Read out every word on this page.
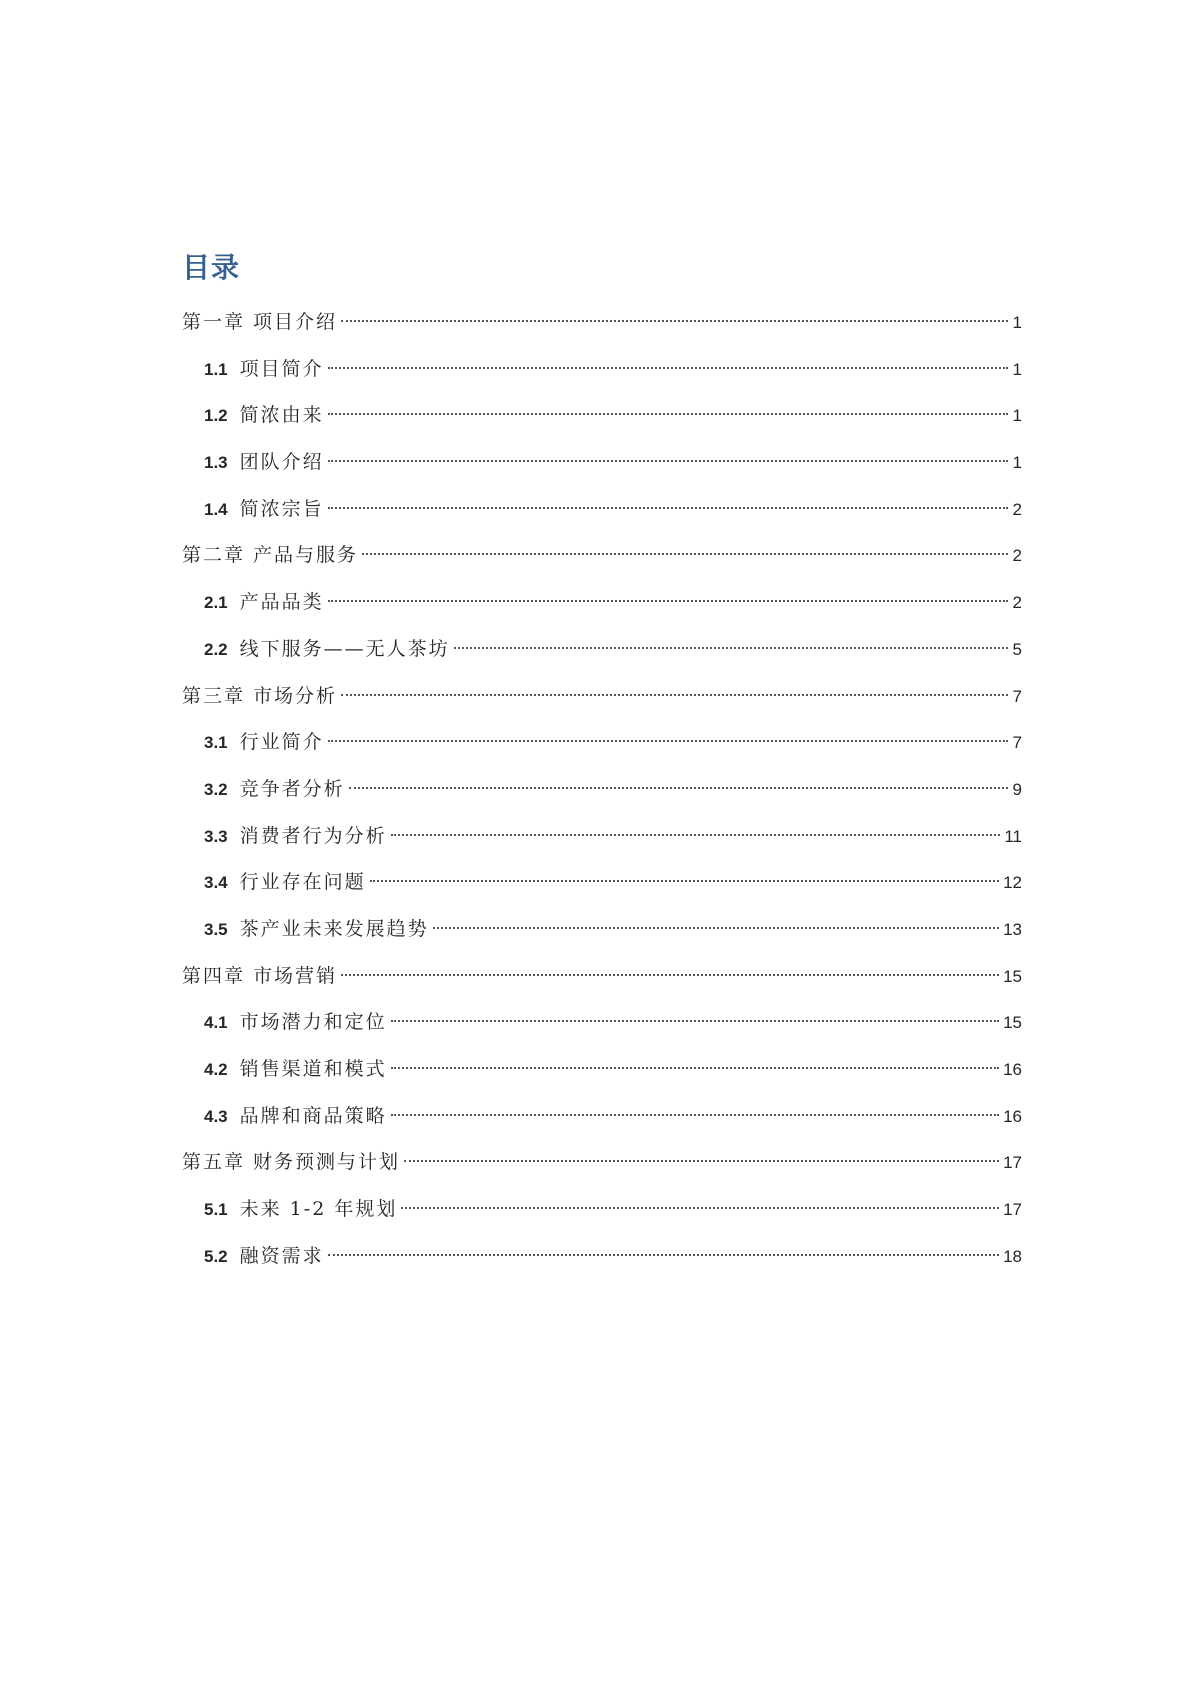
目录
第一章 项目介绍	1
1.1 项目简介	1
1.2 简浓由来	1
1.3 团队介绍	1
1.4 简浓宗旨	2
第二章 产品与服务	2
2.1 产品品类	2
2.2 线下服务——无人茶坊	5
第三章 市场分析	7
3.1 行业简介	7
3.2 竞争者分析	9
3.3 消费者行为分析	11
3.4 行业存在问题	12
3.5 茶产业未来发展趋势	13
第四章 市场营销	15
4.1 市场潜力和定位	15
4.2 销售渠道和模式	16
4.3 品牌和商品策略	16
第五章 财务预测与计划	17
5.1 未来 1-2 年规划	17
5.2 融资需求	18
